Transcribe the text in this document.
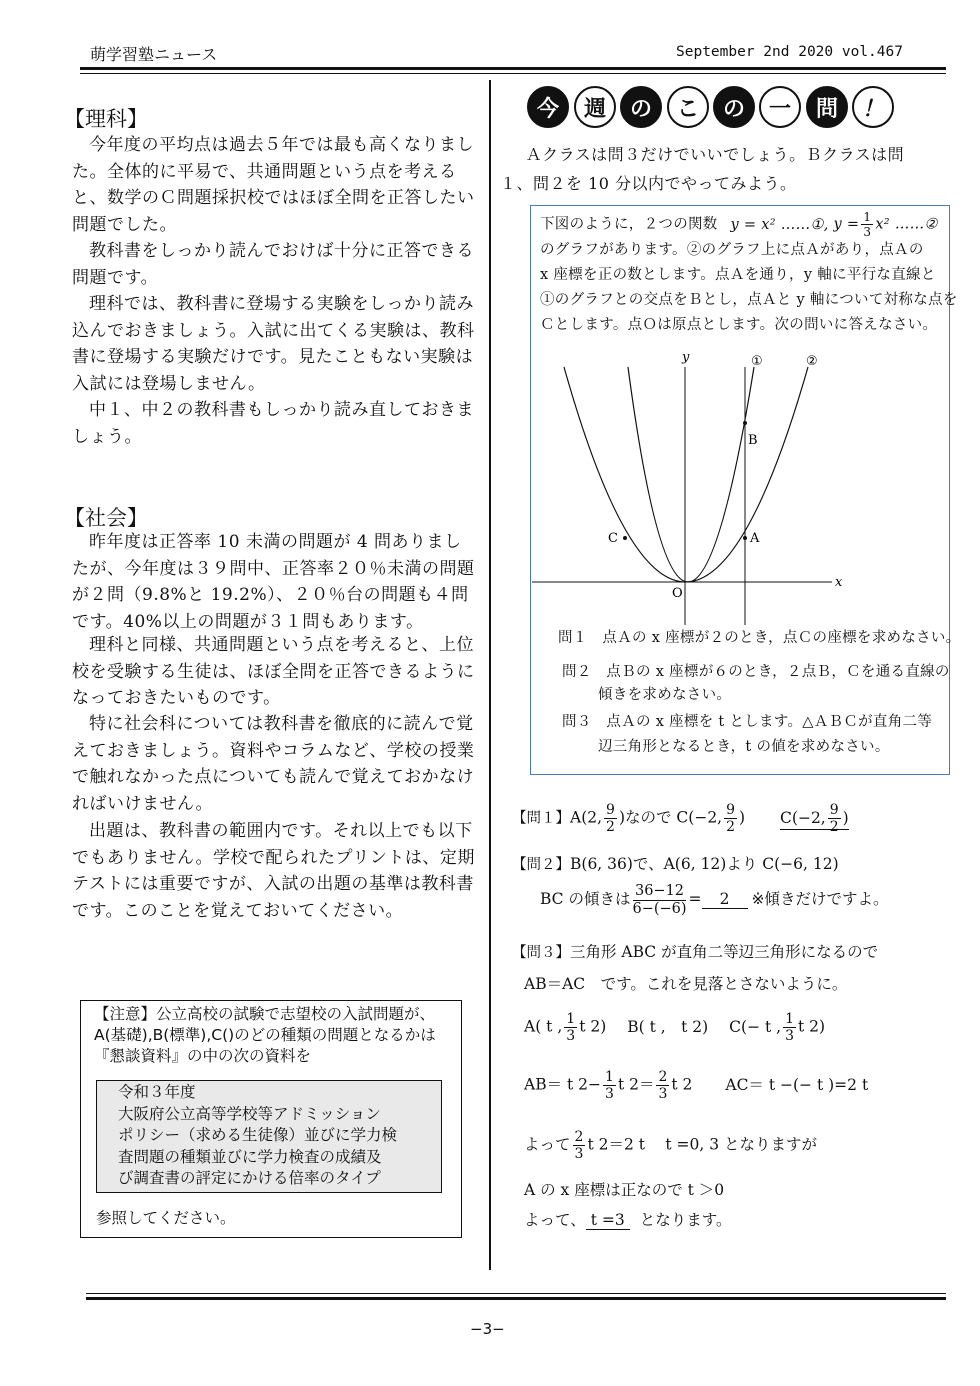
萌学習塾ニュース	September 2nd 2020 vol.467
【理科】
今年度の平均点は過去５年では最も高くなりました。全体的に平易で、共通問題という点を考えると、数学のＣ問題採択校ではほぼ全問を正答したい問題でした。
教科書をしっかり読んでおけば十分に正答できる問題です。
理科では、教科書に登場する実験をしっかり読み込んでおきましょう。入試に出てくる実験は、教科書に登場する実験だけです。見たこともない実験は入試には登場しません。
中１、中２の教科書もしっかり読み直しておきましょう。
【社会】
昨年度は正答率 10 未満の問題が 4 問ありましたが、今年度は３９問中、正答率２０％未満の問題が２問（9.8%と 19.2%）、２０％台の問題も４問です。40%以上の問題が３１問もあります。
理科と同様、共通問題という点を考えると、上位校を受験する生徒は、ほぼ全問を正答できるようになっておきたいものです。
特に社会科については教科書を徹底的に読んで覚えておきましょう。資料やコラムなど、学校の授業で触れなかった点についても読んで覚えておかなければいけません。
出題は、教科書の範囲内です。それ以上でも以下でもありません。学校で配られたプリントは、定期テストには重要ですが、入試の出題の基準は教科書です。このことを覚えておいてください。
【注意】公立高校の試験で志望校の入試問題が、A(基礎),B(標準),C()のどの種類の問題となるかは『懇談資料』の中の次の資料を
令和３年度
大阪府公立高等学校等アドミッション
ポリシー（求める生徒像）並びに学力検
査問題の種類並びに学力検査の成績及
び調査書の評定にかける倍率のタイプ
参照してください。
今	週	の	こ	の	一	問	！
Ａクラスは問３だけでいいでしょう。Ｂクラスは問１、問２を 10 分以内でやってみよう。
下図のように，２つの関数 y = x² ……①, $y = \frac{1}{3} x^2$ ……②
のグラフがあります。②のグラフ上に点Ａがあり，点Ａの
x 座標を正の数とします。点Ａを通り，y 軸に平行な直線と
①のグラフとの交点をＢとし，点Ａと y 軸について対称な点を
Ｃとします。点Ｏは原点とします。次の問いに答えなさい。
y
x
O
A
B
C
①	②
問１　点Ａの x 座標が２のとき，点Ｃの座標を求めなさい。
問２　点Ｂの x 座標が６のとき，２点Ｂ，Ｃを通る直線の
傾きを求めなさい。
問３　点Ａの x 座標を t とします。△ＡＢＣが直角二等
辺三角形となるとき，t の値を求めなさい。
【問１】A(2, $\frac{9}{2}$ )なので C(−2, $\frac{9}{2}$ ) C(−2, $\frac{9}{2}$ )
【問２】B(6, 36)で、A(6, 12)より C(−6, 12)
BC の傾きは $\frac{36-12}{6-(-6)} = 2$ ※傾きだけですよ。
【問３】三角形 ABC が直角二等辺三角形になるので
AB＝AC　です。これを見落とさないように。
A( t , $\frac{1}{3}$ t 2) B( t ,　t 2) C(− t , $\frac{1}{3}$ t 2)
AB＝ t $2- \frac{1}{3}$ t $2= \frac{2}{3}$ t 2 AC＝ t −(− t )=2 t
よって $\frac{2}{3}$ t 2＝2 t　 t =0, 3 となりますが
A の x 座標は正なので t ＞0
よって、 t =3 となります。
−3−
